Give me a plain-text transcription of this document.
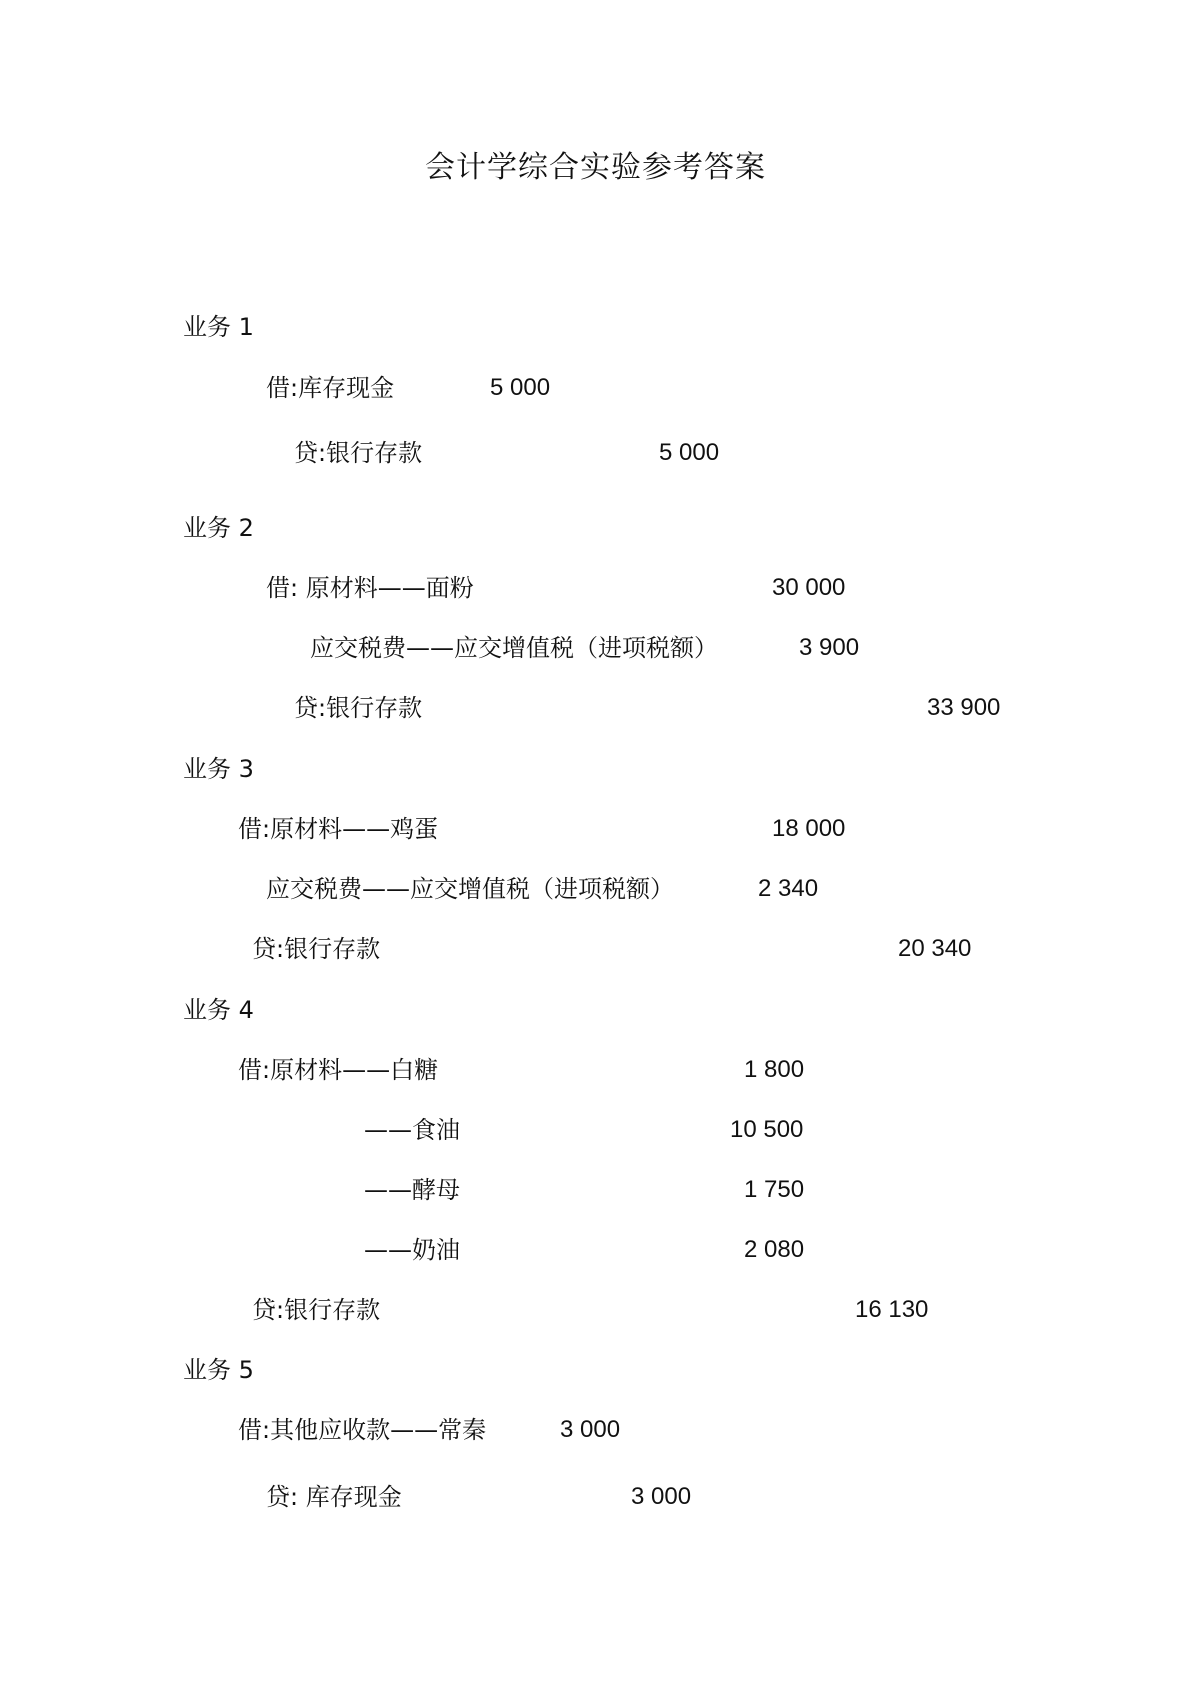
会计学综合实验参考答案
业务 1
借:库存现金	5 000
贷:银行存款	5 000
业务 2
借: 原材料——面粉	30 000
应交税费——应交增值税（进项税额）	3 900
贷:银行存款	33 900
业务 3
借:原材料——鸡蛋	18 000
应交税费——应交增值税（进项税额）	2 340
贷:银行存款	20 340
业务 4
借:原材料——白糖	1 800
——食油	10 500
——酵母	1 750
——奶油	2 080
贷:银行存款	16 130
业务 5
借:其他应收款——常秦	3 000
贷: 库存现金	3 000
